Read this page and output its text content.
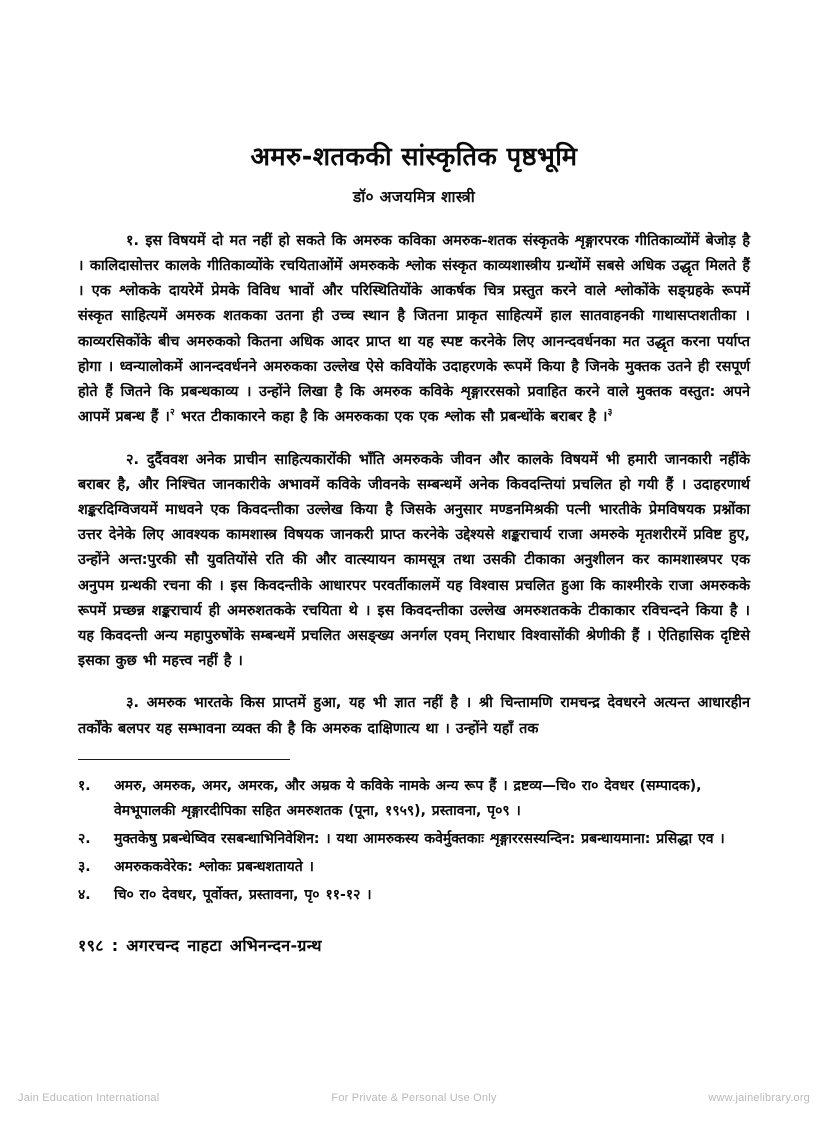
अमरु-शतककी सांस्कृतिक पृष्ठभूमि

डॉ० अजयमित्र शास्त्री

१. इस विषयमें दो मत नहीं हो सकते कि अमरुक कविका अमरुक-शतक संस्कृतके शृङ्गारपरक गीतिकाव्योंमें बेजोड़ है । कालिदासोत्तर कालके गीतिकाव्योंके रचयिताओंमें अमरुकके श्लोक संस्कृत काव्यशास्त्रीय ग्रन्थोंमें सबसे अधिक उद्धृत मिलते हैं । एक श्लोकके दायरेमें प्रेमके विविध भावों और परिस्थितियोंके आकर्षक चित्र प्रस्तुत करने वाले श्लोकोंके सङ्ग्रहके रूपमें संस्कृत साहित्यमें अमरुक शतकका उतना ही उच्च स्थान है जितना प्राकृत साहित्यमें हाल सातवाहनकी गाथासप्तशतीका । काव्यरसिकोंके बीच अमरुकको कितना अधिक आदर प्राप्त था यह स्पष्ट करनेके लिए आनन्दवर्धनका मत उद्धृत करना पर्याप्त होगा । ध्वन्यालोकमें आनन्दवर्धनने अमरुकका उल्लेख ऐसे कवियोंके उदाहरणके रूपमें किया है जिनके मुक्तक उतने ही रसपूर्ण होते हैं जितने कि प्रबन्धकाव्य । उन्होंने लिखा है कि अमरुक कविके शृङ्गाररसको प्रवाहित करने वाले मुक्तक वस्तुत: अपने आपमें प्रबन्ध हैं ।$^२$ भरत टीकाकारने कहा है कि अमरुकका एक एक श्लोक सौ प्रबन्धोंके बराबर है ।$^३$

२. दुर्दैववश अनेक प्राचीन साहित्यकारोंकी भाँति अमरुकके जीवन और कालके विषयमें भी हमारी जानकारी नहींके बराबर है, और निश्चित जानकारीके अभावमें कविके जीवनके सम्बन्धमें अनेक किवदन्तियां प्रचलित हो गयी हैं । उदाहरणार्थ शङ्करदिग्विजयमें माधवने एक किवदन्तीका उल्लेख किया है जिसके अनुसार मण्डनमिश्रकी पत्नी भारतीके प्रेमविषयक प्रश्नोंका उत्तर देनेके लिए आवश्यक कामशास्त्र विषयक जानकरी प्राप्त करनेके उद्देश्यसे शङ्कराचार्य राजा अमरुके मृतशरीरमें प्रविष्ट हुए, उन्होंने अन्त:पुरकी सौ युवतियोंसे रति की और वात्स्यायन कामसूत्र तथा उसकी टीकाका अनुशीलन कर कामशास्त्रपर एक अनुपम ग्रन्थकी रचना की । इस किवदन्तीके आधारपर परवर्तीकालमें यह विश्वास प्रचलित हुआ कि काश्मीरके राजा अमरुकके रूपमें प्रच्छन्न शङ्कराचार्य ही अमरुशतकके रचयिता थे । इस किवदन्तीका उल्लेख अमरुशतकके टीकाकार रविचन्दने किया है । यह किवदन्ती अन्य महापुरुषोंके सम्बन्धमें प्रचलित असङ्ख्य अनर्गल एवम् निराधार विश्वासोंकी श्रेणीकी हैं । ऐतिहासिक दृष्टिसे इसका कुछ भी महत्त्व नहीं है ।

३. अमरुक भारतके किस प्राप्तमें हुआ, यह भी ज्ञात नहीं है । श्री चिन्तामणि रामचन्द्र देवधरने अत्यन्त आधारहीन तर्कोंके बलपर यह सम्भावना व्यक्त की है कि अमरुक दाक्षिणात्य था । उन्होंने यहाँ तक

१.	अमरु, अमरुक, अमर, अमरक, और अम्रक ये कविके नामके अन्य रूप हैं । द्रष्टव्य—चि० रा० देवधर (सम्पादक), वेमभूपालकी शृङ्गारदीपिका सहित अमरुशतक (पूना, १९५९), प्रस्तावना, पृ०९ ।
२.	मुक्तकेषु प्रबन्धेष्विव रसबन्धाभिनिवेशिन: । यथा आमरुकस्य कवेर्मुक्तकाः शृङ्गाररसस्यन्दिन: प्रबन्धायमाना: प्रसिद्धा एव ।
३.	अमरुककवेरेक: श्लोकः प्रबन्धशतायते ।
४.	चि० रा० देवधर, पूर्वोक्त, प्रस्तावना, पृ० ११-१२ ।
१९८ : अगरचन्द नाहटा अभिनन्दन-ग्रन्थ
Jain Education International	For Private & Personal Use Only	www.jainelibrary.org
